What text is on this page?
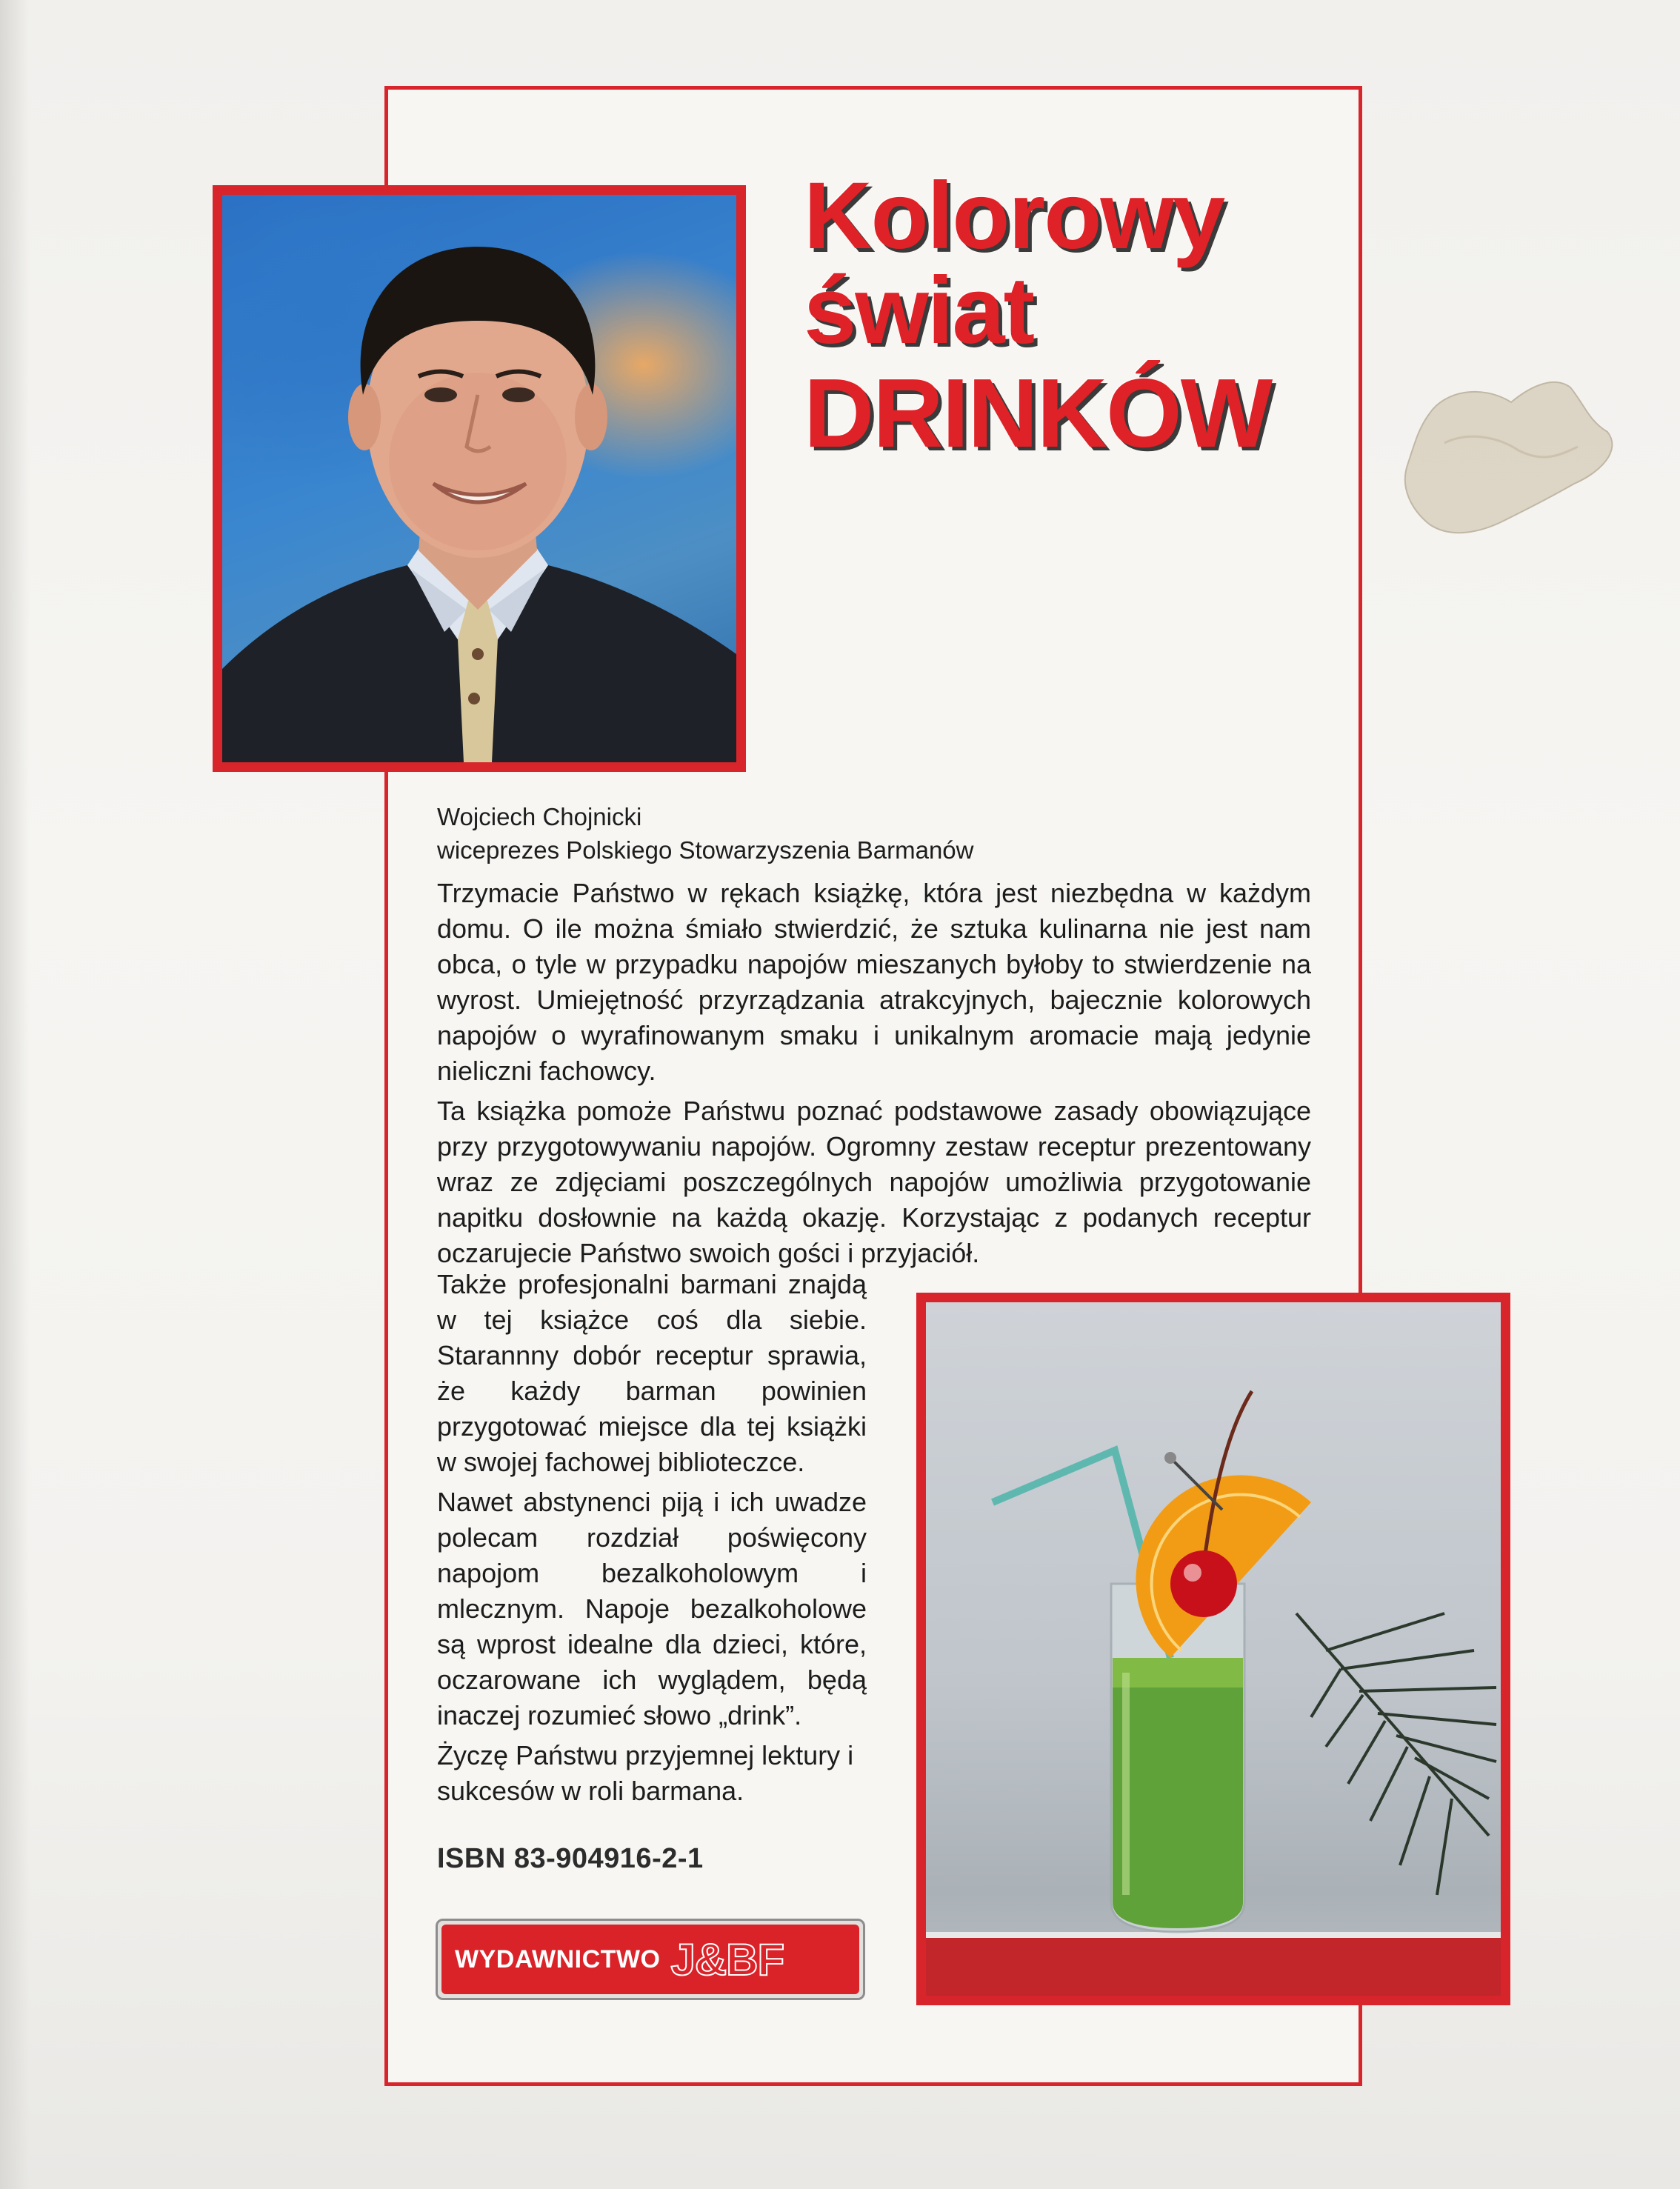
Kolorowy
świat
DRINKÓW
Wojciech Chojnicki
wiceprezes Polskiego Stowarzyszenia Barmanów

Trzymacie Państwo w rękach książkę, która jest niezbędna w każdym domu. O ile można śmiało stwierdzić, że sztuka kulinarna nie jest nam obca, o tyle w przypadku napojów mieszanych byłoby to stwierdzenie na wyrost. Umiejętność przyrządzania atrakcyjnych, bajecznie kolorowych napojów o wyrafinowanym smaku i unikalnym aromacie mają jedynie nieliczni fachowcy.

Ta książka pomoże Państwu poznać podstawowe zasady obowiązujące przy przygotowywaniu napojów. Ogromny zestaw receptur prezentowany wraz ze zdjęciami poszczególnych napojów umożliwia przygotowanie napitku dosłownie na każdą okazję. Korzystając z podanych receptur oczarujecie Państwo swoich gości i przyjaciół.

Także profesjonalni barmani znajdą w tej książce coś dla siebie. Starannny dobór receptur sprawia, że każdy barman powinien przygotować miejsce dla tej książki w swojej fachowej biblioteczce.

Nawet abstynenci piją i ich uwadze polecam rozdział poświęcony napojom bezalkoholowym i mlecznym. Napoje bezalkoholowe są wprost idealne dla dzieci, które, oczarowane ich wyglądem, będą inaczej rozumieć słowo „drink”.

Życzę Państwu przyjemnej lektury i sukcesów w roli barmana.

ISBN 83-904916-2-1
WYDAWNICTWO J&BF
